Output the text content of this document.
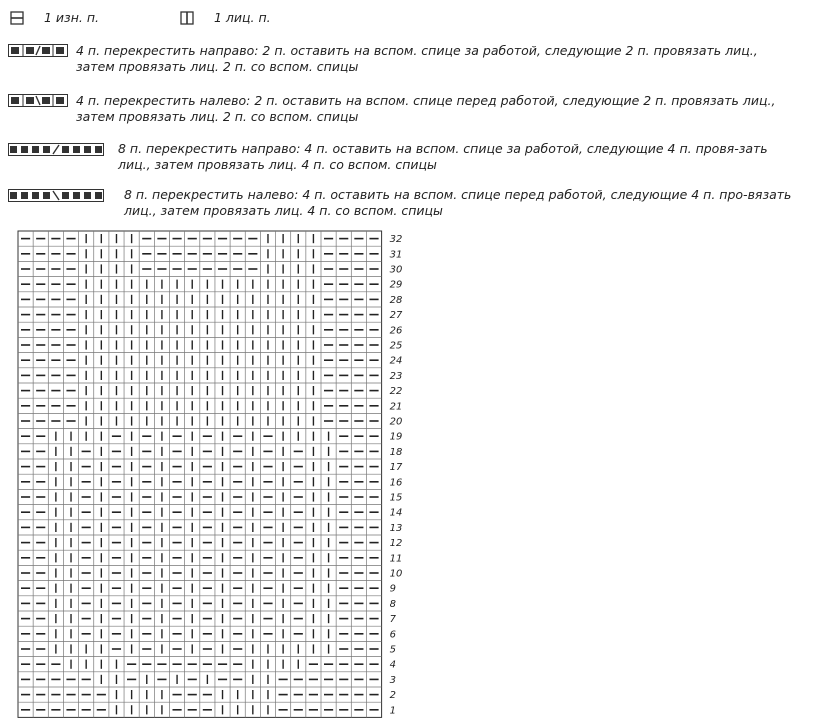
1 изн. п.	1 лиц. п.
4 п. перекрестить направо: 2 п. оставить на вспом. спице за работой, следующие 2 п. провязать лиц., затем провязать лиц. 2 п. со вспом. спицы
4 п. перекрестить налево: 2 п. оставить на вспом. спице перед работой, следующие 2 п. провязать лиц., затем провязать лиц. 2 п. со вспом. спицы
8 п. перекрестить направо: 4 п. оставить на вспом. спице за работой, следующие 4 п. провя-зать лиц., затем провязать лиц. 4 п. со вспом. спицы
8 п. перекрестить налево: 4 п. оставить на вспом. спице перед работой, следующие 4 п. про-вязать лиц., затем провязать лиц. 4 п. со вспом. спицы
32
31
30
29
28
27
26
25
24
23
22
21
20
19
18
17
16
15
14
13
12
11
10
9
8
7
6
5
4
3
2
1
